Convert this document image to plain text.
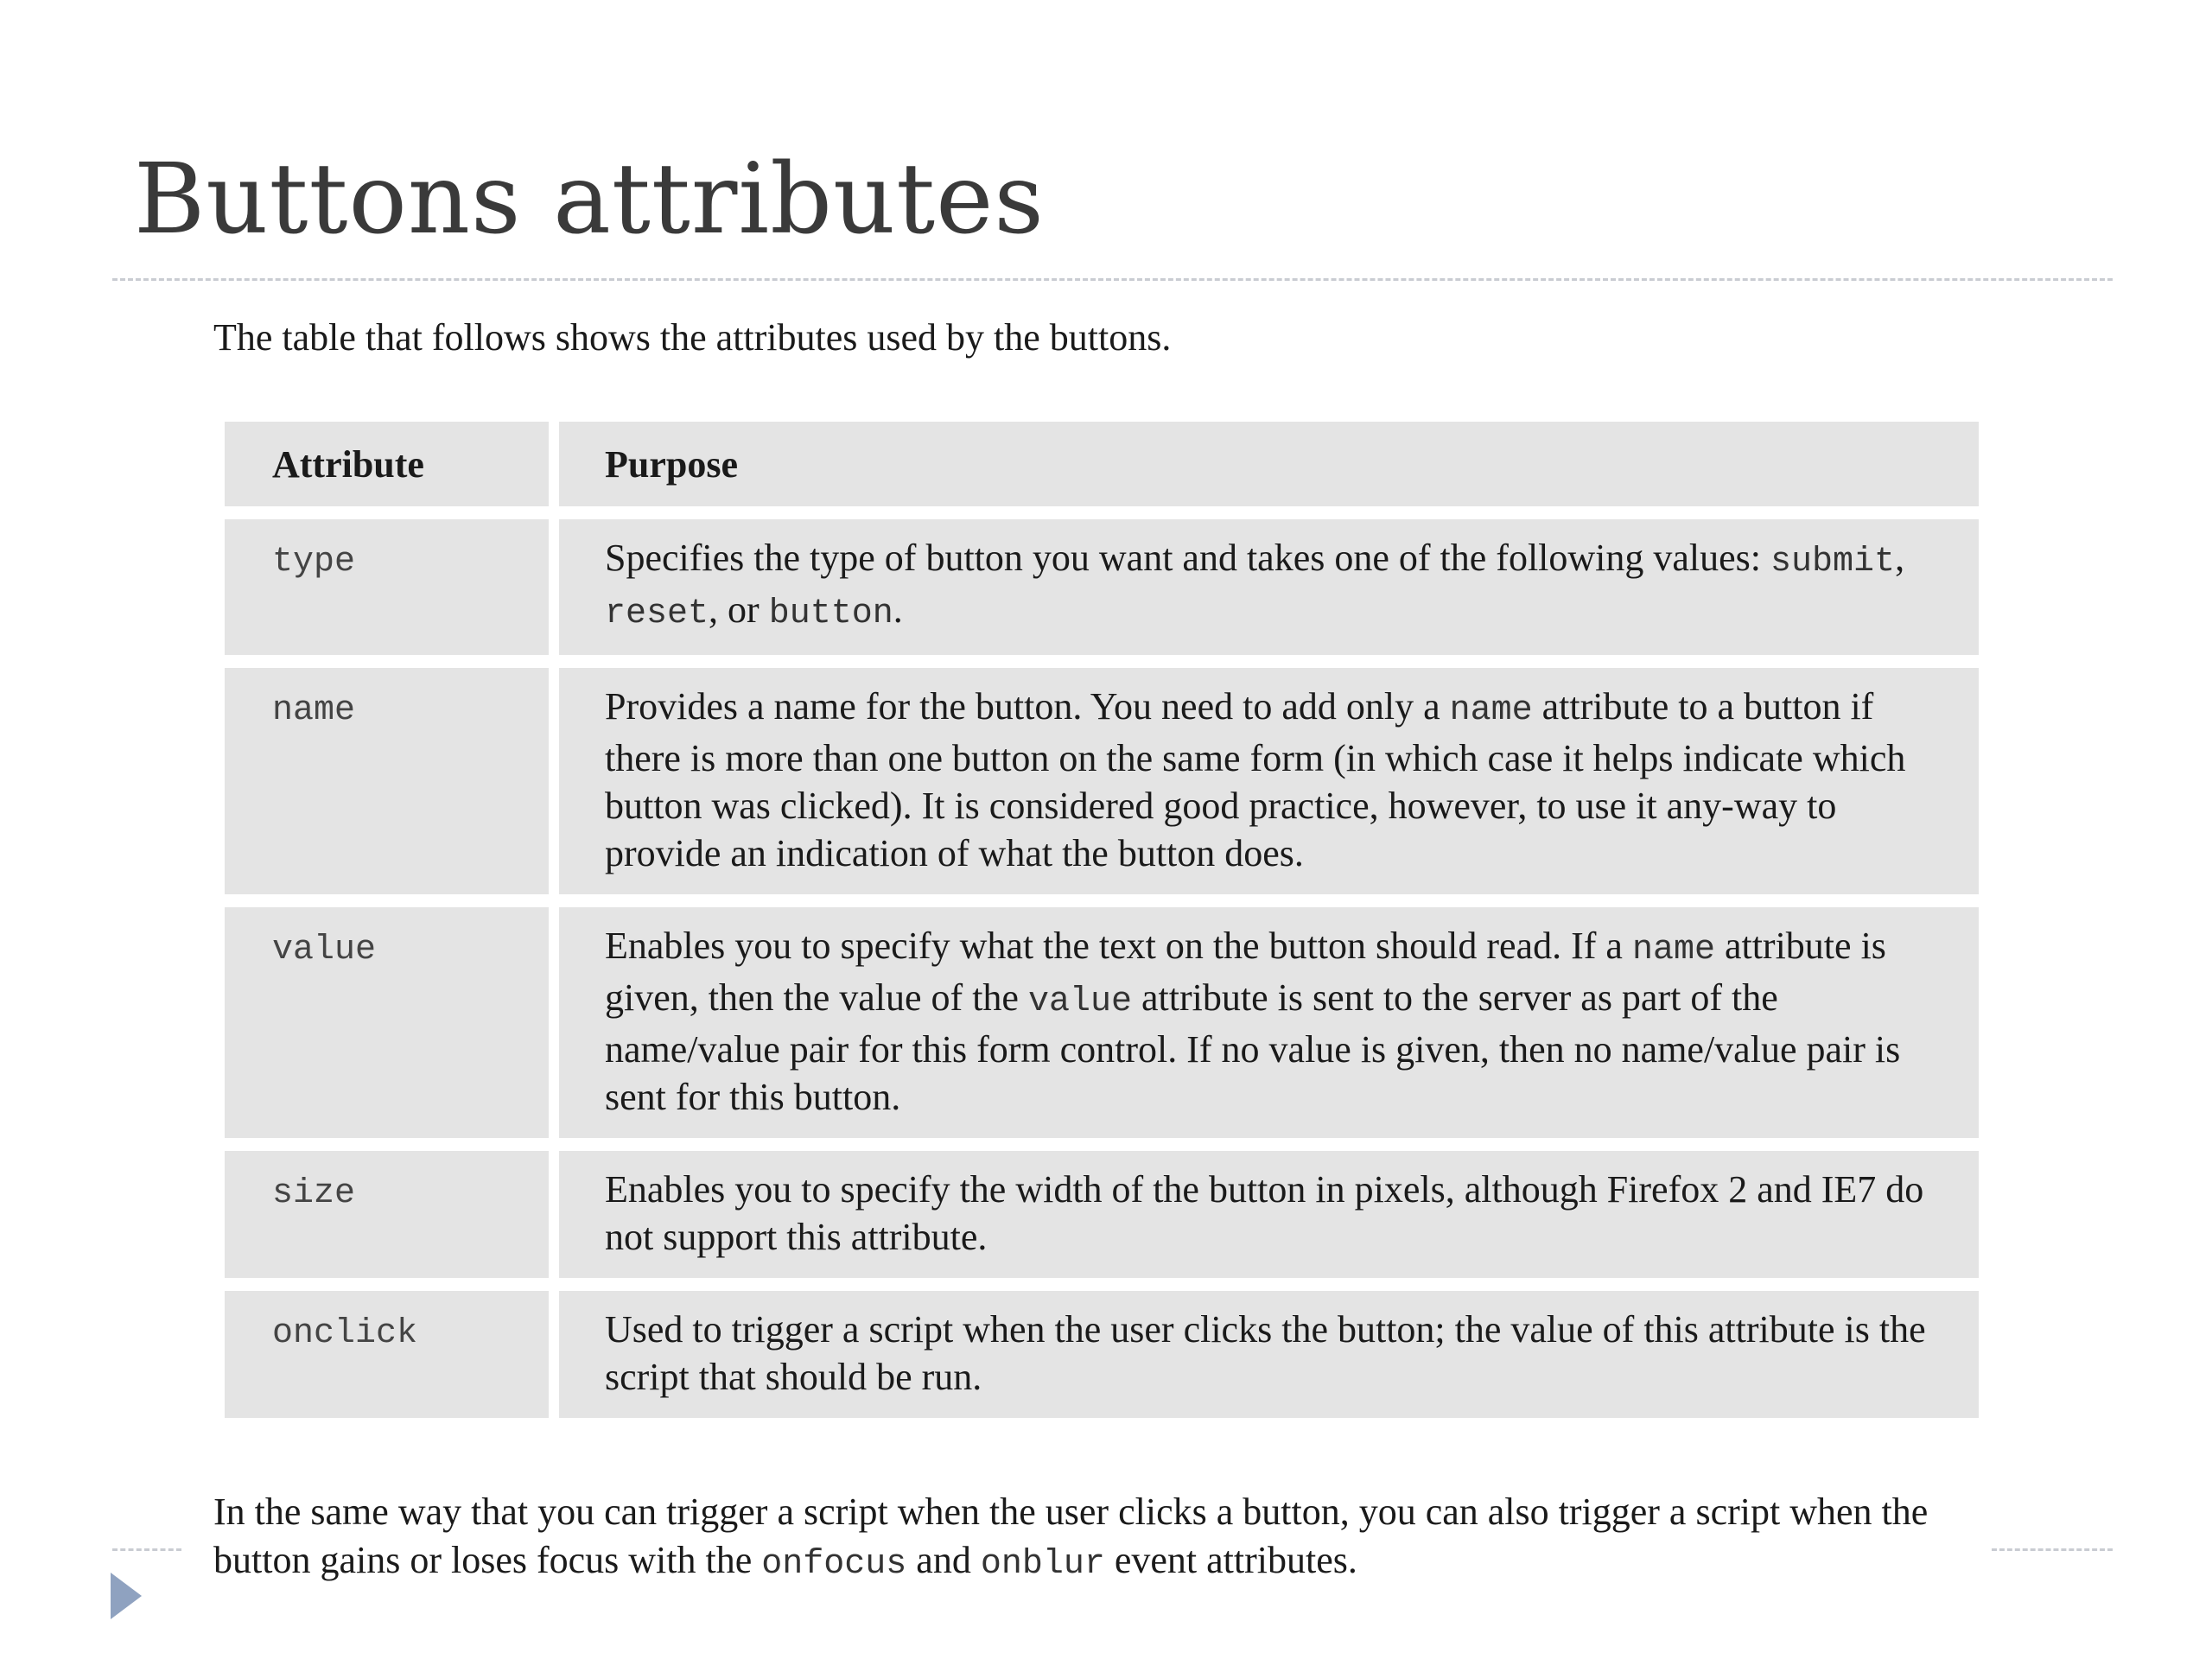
Buttons attributes

The table that follows shows the attributes used by the buttons.

Attribute	Purpose
type	Specifies the type of button you want and takes one of the following values: submit, reset, or button.
name	Provides a name for the button. You need to add only a name attribute to a button if there is more than one button on the same form (in which case it helps indicate which button was clicked). It is considered good practice, however, to use it any-way to provide an indication of what the button does.
value	Enables you to specify what the text on the button should read. If a name attribute is given, then the value of the value attribute is sent to the server as part of the name/value pair for this form control. If no value is given, then no name/value pair is sent for this button.
size	Enables you to specify the width of the button in pixels, although Firefox 2 and IE7 do not support this attribute.
onclick	Used to trigger a script when the user clicks the button; the value of this attribute is the script that should be run.

In the same way that you can trigger a script when the user clicks a button, you can also trigger a script when the button gains or loses focus with the onfocus and onblur event attributes.
